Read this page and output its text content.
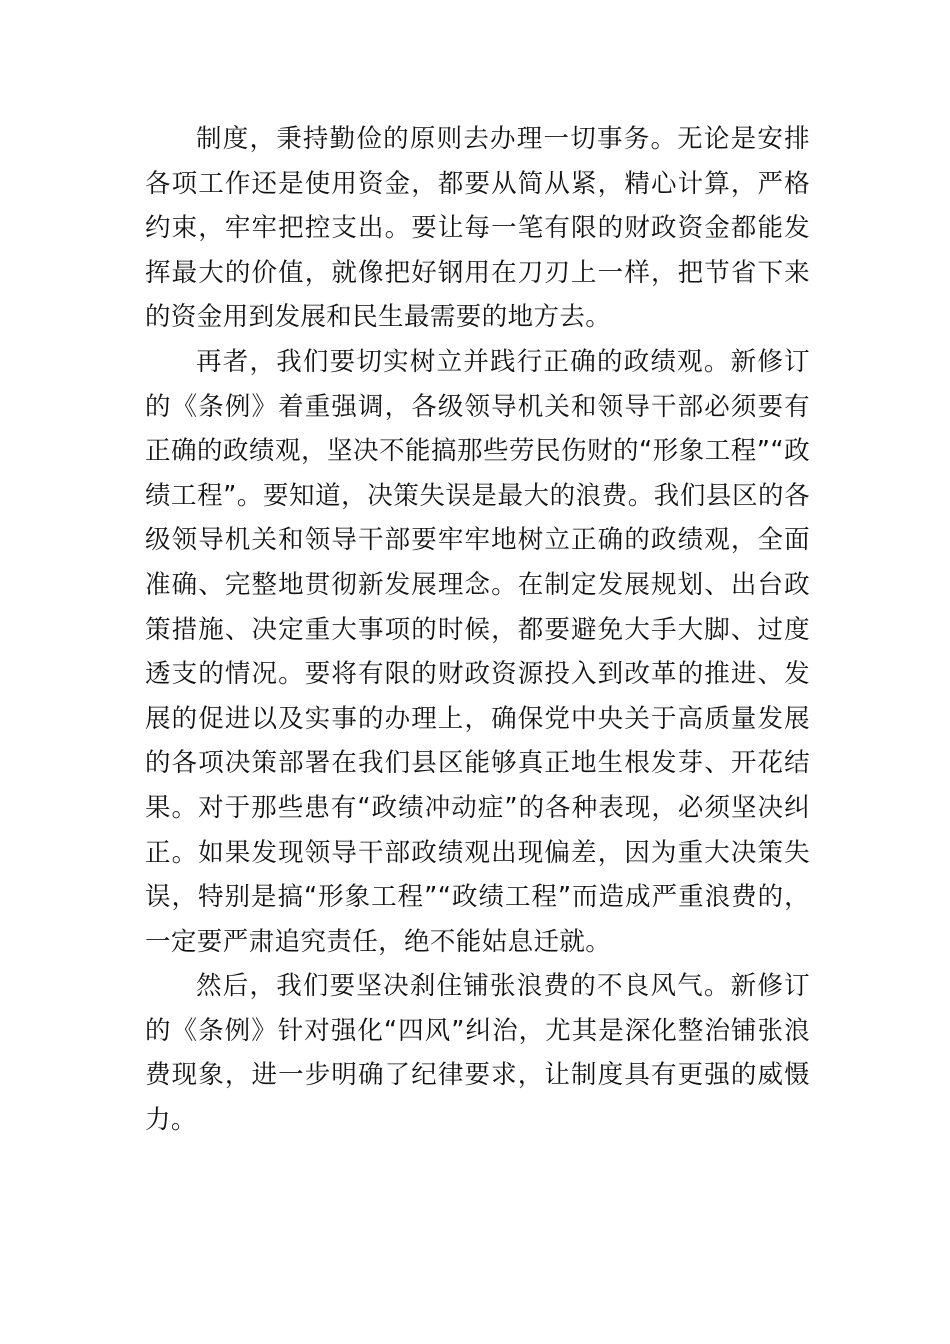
制度，秉持勤俭的原则去办理一切事务。无论是安排各项工作还是使用资金，都要从简从紧，精心计算，严格约束，牢牢把控支出。要让每一笔有限的财政资金都能发挥最大的价值，就像把好钢用在刀刃上一样，把节省下来的资金用到发展和民生最需要的地方去。

再者，我们要切实树立并践行正确的政绩观。新修订的《条例》着重强调，各级领导机关和领导干部必须要有正确的政绩观，坚决不能搞那些劳民伤财的“形象工程”“政绩工程”。要知道，决策失误是最大的浪费。我们县区的各级领导机关和领导干部要牢牢地树立正确的政绩观，全面准确、完整地贯彻新发展理念。在制定发展规划、出台政策措施、决定重大事项的时候，都要避免大手大脚、过度透支的情况。要将有限的财政资源投入到改革的推进、发展的促进以及实事的办理上，确保党中央关于高质量发展的各项决策部署在我们县区能够真正地生根发芽、开花结果。对于那些患有“政绩冲动症”的各种表现，必须坚决纠正。如果发现领导干部政绩观出现偏差，因为重大决策失误，特别是搞“形象工程”“政绩工程”而造成严重浪费的，一定要严肃追究责任，绝不能姑息迁就。

然后，我们要坚决刹住铺张浪费的不良风气。新修订的《条例》针对强化“四风”纠治，尤其是深化整治铺张浪费现象，进一步明确了纪律要求，让制度具有更强的威慑力。
